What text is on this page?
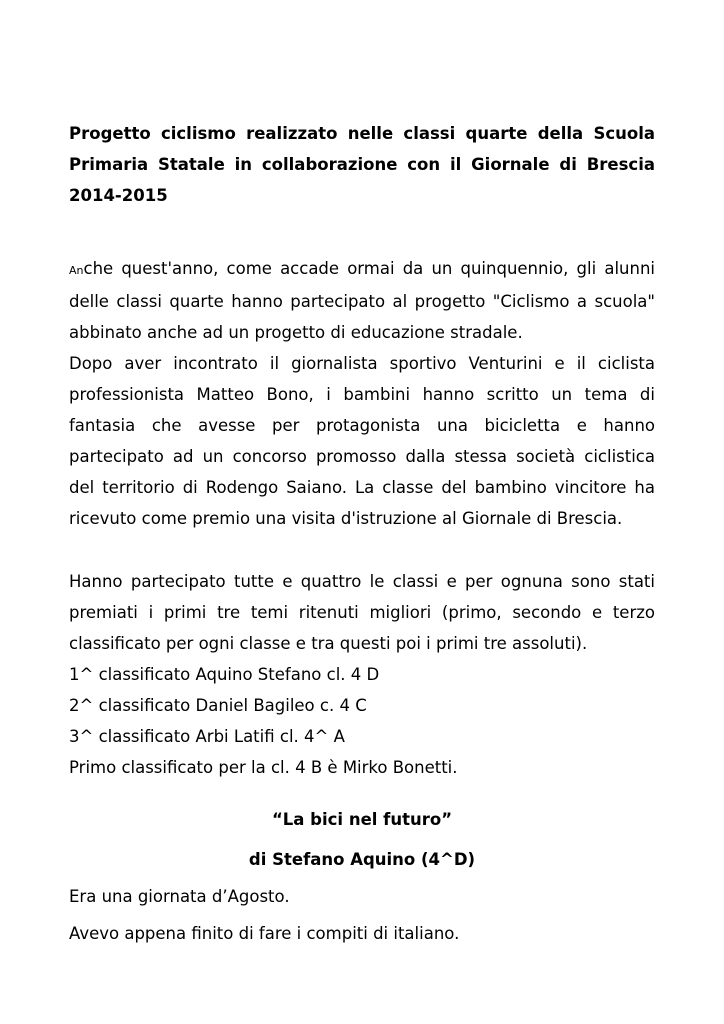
Progetto ciclismo realizzato nelle classi quarte della Scuola
Primaria Statale in collaborazione con il Giornale di Brescia
2014-2015
Anche quest'anno, come accade ormai da un quinquennio, gli alunni
delle classi quarte hanno partecipato al progetto "Ciclismo a scuola"
abbinato anche ad un progetto di educazione stradale.
Dopo aver incontrato il giornalista sportivo Venturini e il ciclista
professionista Matteo Bono, i bambini hanno scritto un tema di
fantasia che avesse per protagonista una bicicletta e hanno
partecipato ad un concorso promosso dalla stessa società ciclistica
del territorio di Rodengo Saiano. La classe del bambino vincitore ha
ricevuto come premio una visita d'istruzione al Giornale di Brescia.
Hanno partecipato tutte e quattro le classi e per ognuna sono stati
premiati i primi tre temi ritenuti migliori (primo, secondo e terzo
classificato per ogni classe e tra questi poi i primi tre assoluti).
1^ classificato Aquino Stefano cl. 4 D
2^ classificato Daniel Bagileo c. 4 C
3^ classificato Arbi Latifi cl. 4^ A
Primo classificato per la cl. 4 B è Mirko Bonetti.
“La bici nel futuro”
di Stefano Aquino (4^D)
Era una giornata d’Agosto.
Avevo appena finito di fare i compiti di italiano.
